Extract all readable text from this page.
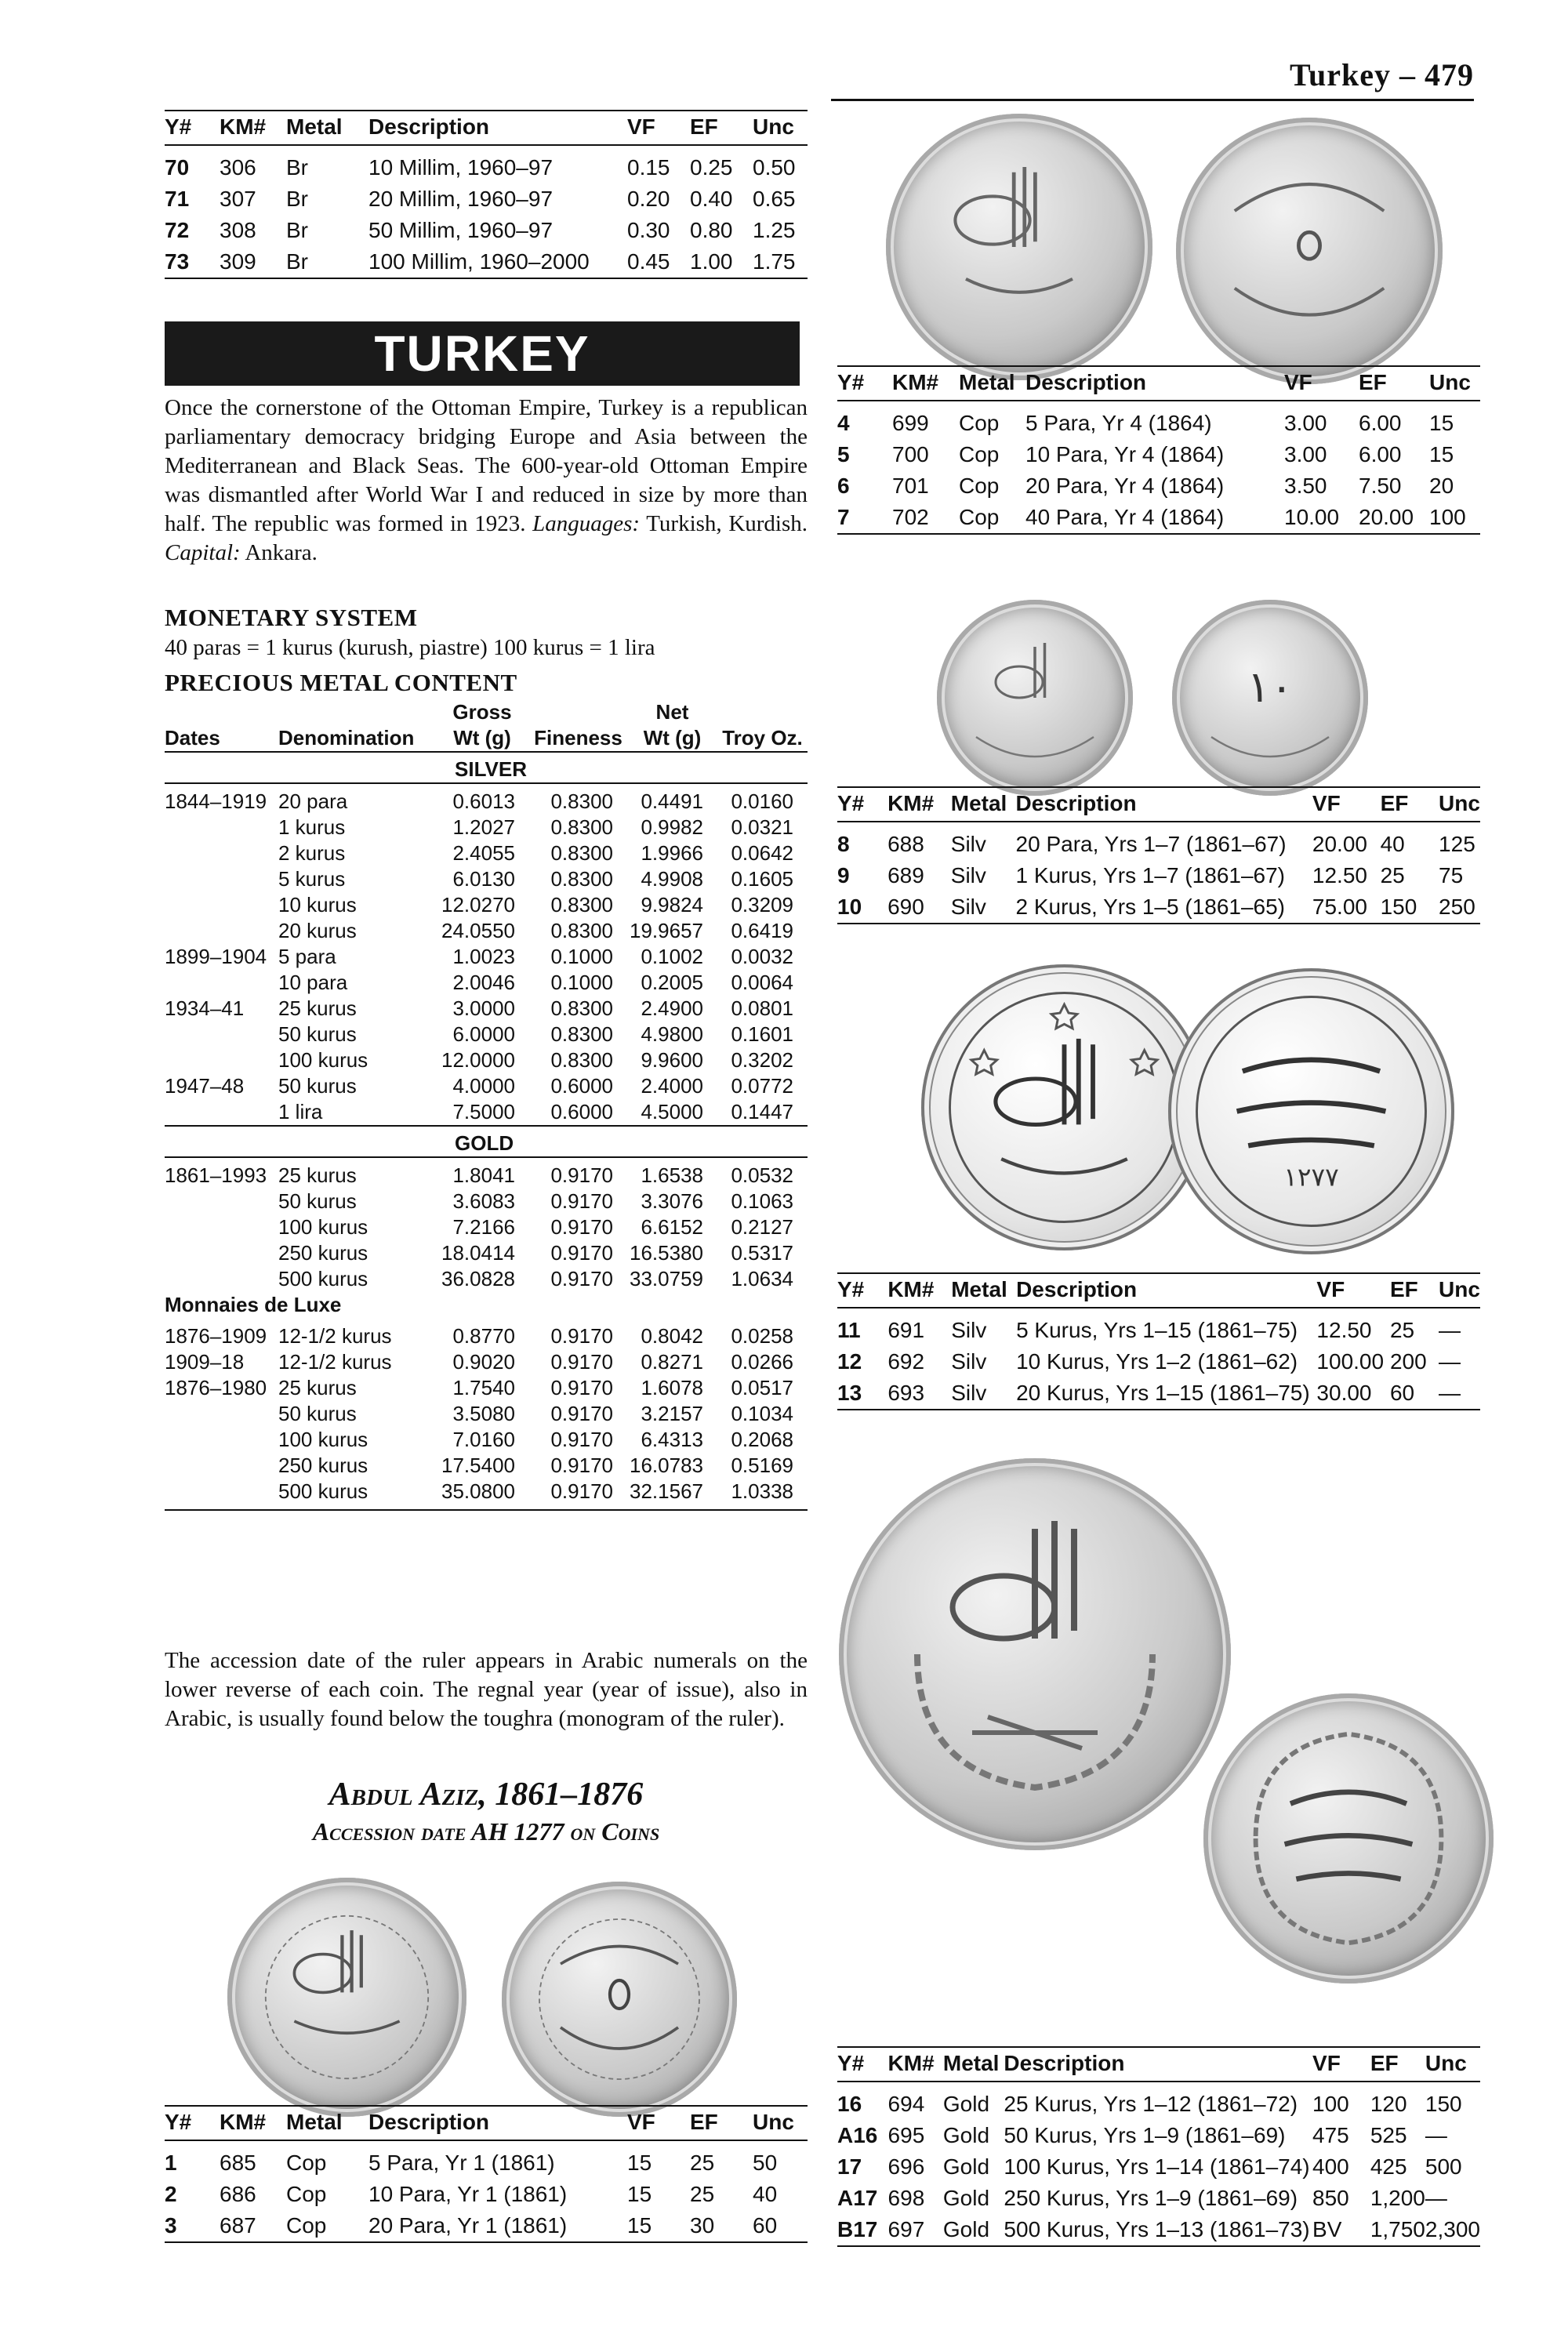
Turkey – 479
Y#	KM#	Metal	Description	VF	EF	Unc
70	306	Br	10 Millim, 1960–97	0.15	0.25	0.50
71	307	Br	20 Millim, 1960–97	0.20	0.40	0.65
72	308	Br	50 Millim, 1960–97	0.30	0.80	1.25
73	309	Br	100 Millim, 1960–2000	0.45	1.00	1.75
TURKEY
Once the cornerstone of the Ottoman Empire, Turkey is a republican parliamentary democracy bridging Europe and Asia between the Mediterranean and Black Seas. The 600-year-old Ottoman Empire was dismantled after World War I and reduced in size by more than half. The republic was formed in 1923. Languages: Turkish, Kurdish. Capital: Ankara.
MONETARY SYSTEM
40 paras = 1 kurus (kurush, piastre) 100 kurus = 1 lira
PRECIOUS METAL CONTENT
		Gross		Net	
Dates	Denomination	Wt (g)	Fineness	Wt (g)	Troy Oz.
SILVER					
1844–1919	20 para	0.6013	0.8300	0.4491	0.0160
	1 kurus	1.2027	0.8300	0.9982	0.0321
	2 kurus	2.4055	0.8300	1.9966	0.0642
	5 kurus	6.0130	0.8300	4.9908	0.1605
	10 kurus	12.0270	0.8300	9.9824	0.3209
	20 kurus	24.0550	0.8300	19.9657	0.6419
1899–1904	5 para	1.0023	0.1000	0.1002	0.0032
	10 para	2.0046	0.1000	0.2005	0.0064
1934–41	25 kurus	3.0000	0.8300	2.4900	0.0801
	50 kurus	6.0000	0.8300	4.9800	0.1601
	100 kurus	12.0000	0.8300	9.9600	0.3202
1947–48	50 kurus	4.0000	0.6000	2.4000	0.0772
	1 lira	7.5000	0.6000	4.5000	0.1447
GOLD					
1861–1993	25 kurus	1.8041	0.9170	1.6538	0.0532
	50 kurus	3.6083	0.9170	3.3076	0.1063
	100 kurus	7.2166	0.9170	6.6152	0.2127
	250 kurus	18.0414	0.9170	16.5380	0.5317
	500 kurus	36.0828	0.9170	33.0759	1.0634
Monnaies de Luxe					
1876–1909	12-1/2 kurus	0.8770	0.9170	0.8042	0.0258
1909–18	12-1/2 kurus	0.9020	0.9170	0.8271	0.0266
1876–1980	25 kurus	1.7540	0.9170	1.6078	0.0517
	50 kurus	3.5080	0.9170	3.2157	0.1034
	100 kurus	7.0160	0.9170	6.4313	0.2068
	250 kurus	17.5400	0.9170	16.0783	0.5169
	500 kurus	35.0800	0.9170	32.1567	1.0338
The accession date of the ruler appears in Arabic numerals on the lower reverse of each coin. The regnal year (year of issue), also in Arabic, is usually found below the toughra (monogram of the ruler).
Abdul Aziz, 1861–1876
Accession date AH 1277 on Coins
Y#	KM#	Metal	Description	VF	EF	Unc
1	685	Cop	5 Para, Yr 1 (1861)	15	25	50
2	686	Cop	10 Para, Yr 1 (1861)	15	25	40
3	687	Cop	20 Para, Yr 1 (1861)	15	30	60
Y#	KM#	Metal	Description	VF	EF	Unc
4	699	Cop	5 Para, Yr 4 (1864)	3.00	6.00	15
5	700	Cop	10 Para, Yr 4 (1864)	3.00	6.00	15
6	701	Cop	20 Para, Yr 4 (1864)	3.50	7.50	20
7	702	Cop	40 Para, Yr 4 (1864)	10.00	20.00	100
١٠
Y#	KM#	Metal	Description	VF	EF	Unc
8	688	Silv	20 Para, Yrs 1–7 (1861–67)	20.00	40	125
9	689	Silv	1 Kurus, Yrs 1–7 (1861–67)	12.50	25	75
10	690	Silv	2 Kurus, Yrs 1–5 (1861–65)	75.00	150	250
١٢٧٧
Y#	KM#	Metal	Description	VF	EF	Unc
11	691	Silv	5 Kurus, Yrs 1–15 (1861–75)	12.50	25	—
12	692	Silv	10 Kurus, Yrs 1–2 (1861–62)	100.00	200	—
13	693	Silv	20 Kurus, Yrs 1–15 (1861–75)	30.00	60	—
Y#	KM#	Metal	Description	VF	EF	Unc
16	694	Gold	25 Kurus, Yrs 1–12 (1861–72)	100	120	150
A16	695	Gold	50 Kurus, Yrs 1–9 (1861–69)	475	525	—
17	696	Gold	100 Kurus, Yrs 1–14 (1861–74)	400	425	500
A17	698	Gold	250 Kurus, Yrs 1–9 (1861–69)	850	1,200	—
B17	697	Gold	500 Kurus, Yrs 1–13 (1861–73)	BV	1,750	2,300
